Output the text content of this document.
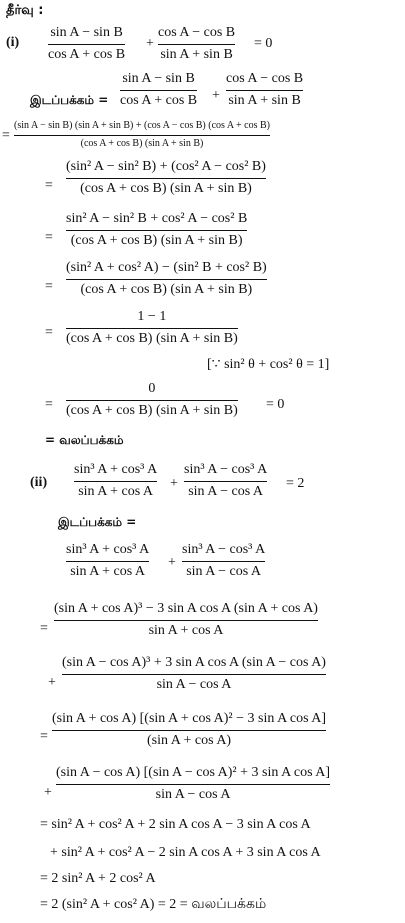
தீர்வு :
(i)
sin A − sin B
cos A + cos B
+
cos A − cos B
sin A + sin B
= 0
இடப்பக்கம் =
sin A − sin B
cos A + cos B +
cos A − cos B
sin A + sin B
=
(sin A − sin B) (sin A + sin B) + (cos A − cos B) (cos A + cos B)
(cos A + cos B) (sin A + sin B)
=
(sin² A − sin² B) + (cos² A − cos² B)
(cos A + cos B) (sin A + sin B)
=
sin² A − sin² B + cos² A − cos² B
(cos A + cos B) (sin A + sin B)
=
(sin² A + cos² A) − (sin² B + cos² B)
(cos A + cos B) (sin A + sin B)
=
1 − 1
(cos A + cos B) (sin A + sin B)
[∵ sin² θ + cos² θ = 1]
=
0
(cos A + cos B) (sin A + sin B) = 0
= வலப்பக்கம்
(ii)
sin³ A + cos³ A
sin A + cos A
+
sin³ A − cos³ A
sin A − cos A
= 2
இடப்பக்கம் =
sin³ A + cos³ A
sin A + cos A
+
sin³ A − cos³ A
sin A − cos A
=
(sin A + cos A)³ − 3 sin A cos A (sin A + cos A)
sin A + cos A
+
(sin A − cos A)³ + 3 sin A cos A (sin A − cos A)
sin A − cos A
=
(sin A + cos A) [(sin A + cos A)² − 3 sin A cos A]
(sin A + cos A)
+
(sin A − cos A) [(sin A − cos A)² + 3 sin A cos A]
sin A − cos A
= sin² A + cos² A + 2 sin A cos A − 3 sin A cos A
+ sin² A + cos² A − 2 sin A cos A + 3 sin A cos A
= 2 sin² A + 2 cos² A
= 2 (sin² A + cos² A) = 2 = வலப்பக்கம்
